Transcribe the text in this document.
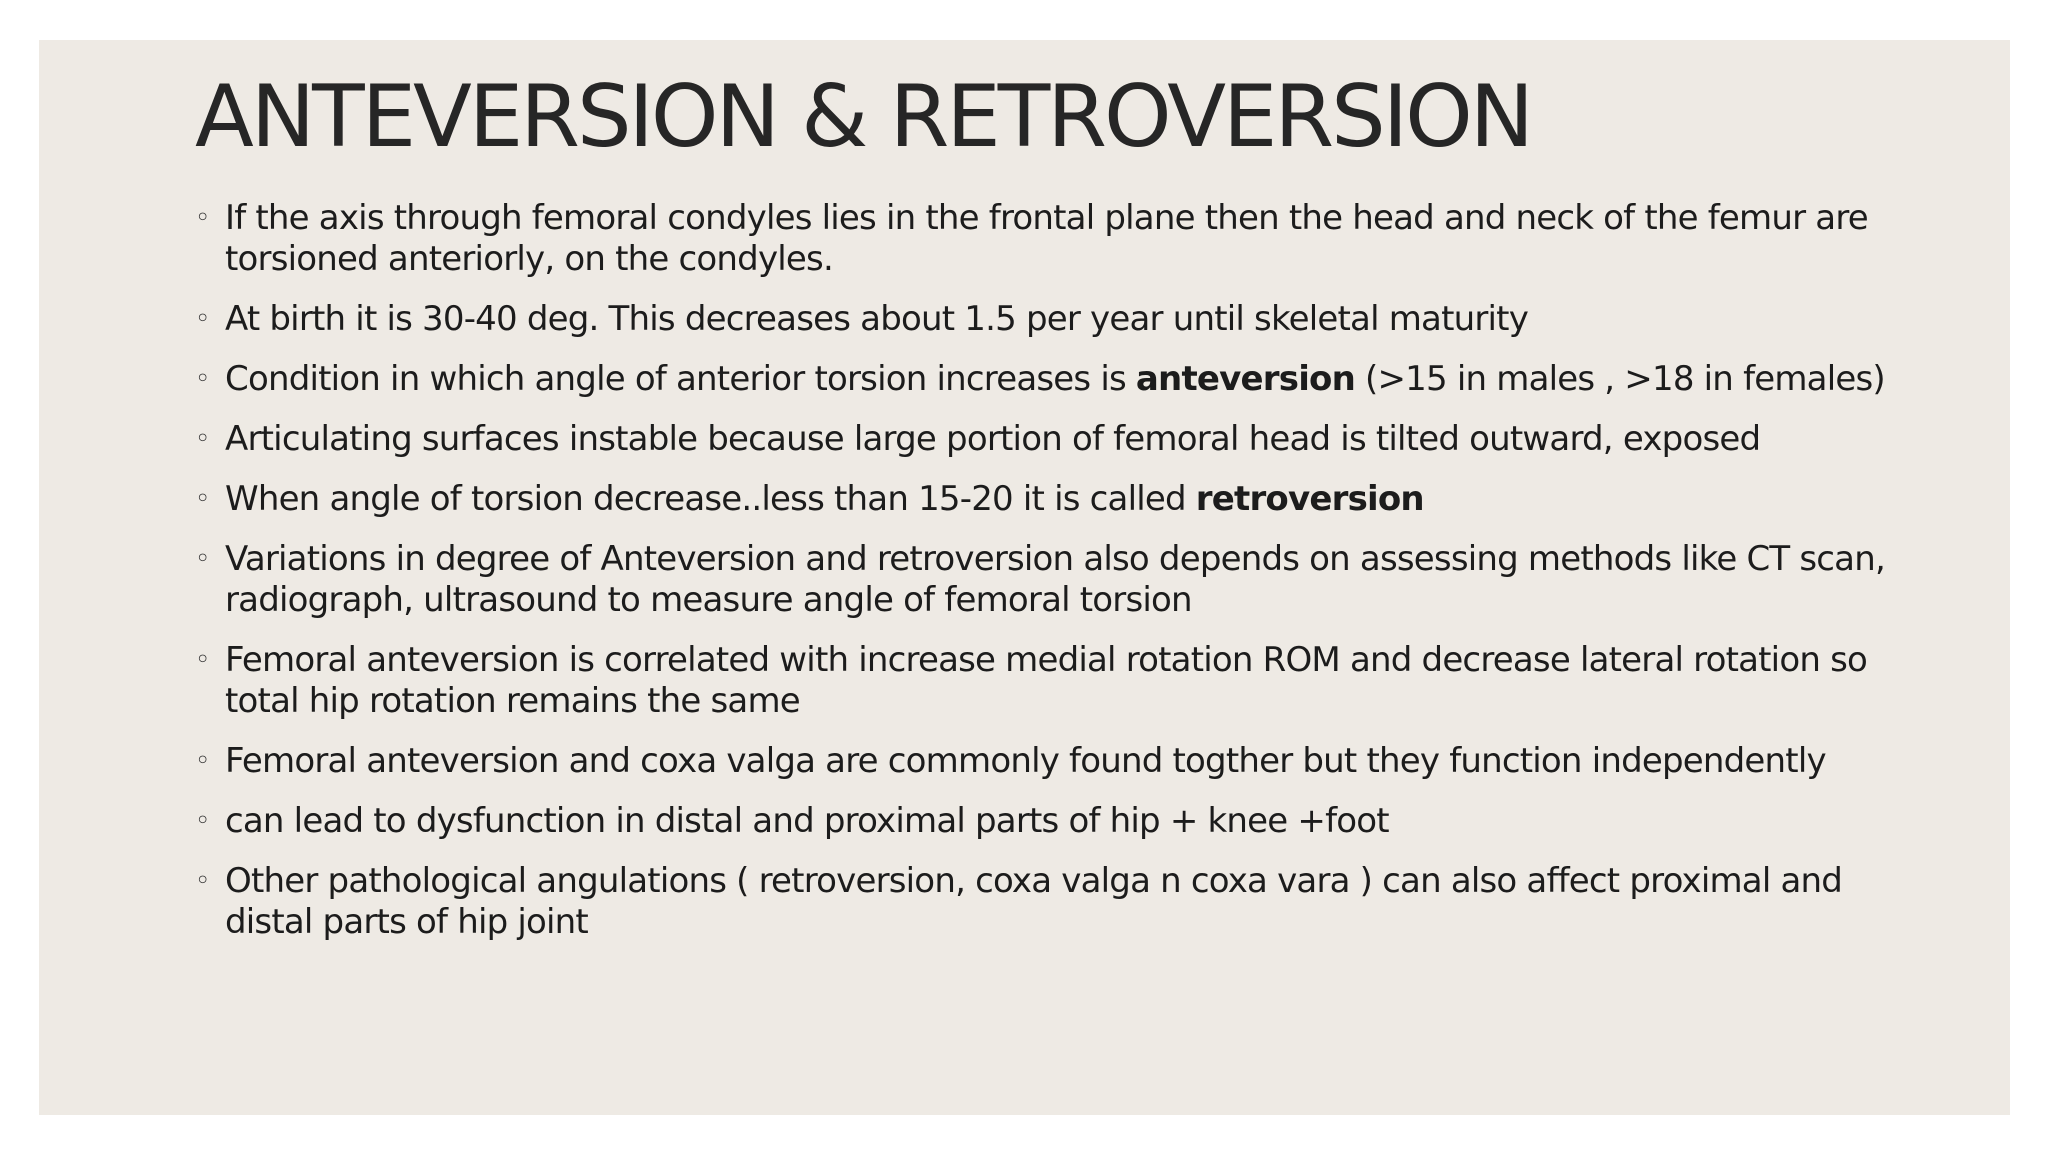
ANTEVERSION & RETROVERSION
◦ If the axis through femoral condyles lies in the frontal plane then the head and neck of the femur are torsioned anteriorly, on the condyles.
◦ At birth it is 30-40 deg. This decreases about 1.5 per year until skeletal maturity
◦ Condition in which angle of anterior torsion increases is anteversion (>15 in males , >18 in females)
◦ Articulating surfaces instable because large portion of femoral head is tilted outward, exposed
◦ When angle of torsion decrease..less than 15-20 it is called retroversion
◦ Variations in degree of Anteversion and retroversion also depends on assessing methods like CT scan, radiograph, ultrasound to measure angle of femoral torsion
◦ Femoral anteversion is correlated with increase medial rotation ROM and decrease lateral rotation so total hip rotation remains the same
◦ Femoral anteversion and coxa valga are commonly found togther but they function independently
◦ can lead to dysfunction in distal and proximal parts of hip + knee +foot
◦ Other pathological angulations ( retroversion, coxa valga n coxa vara ) can also affect proximal and distal parts of hip joint
